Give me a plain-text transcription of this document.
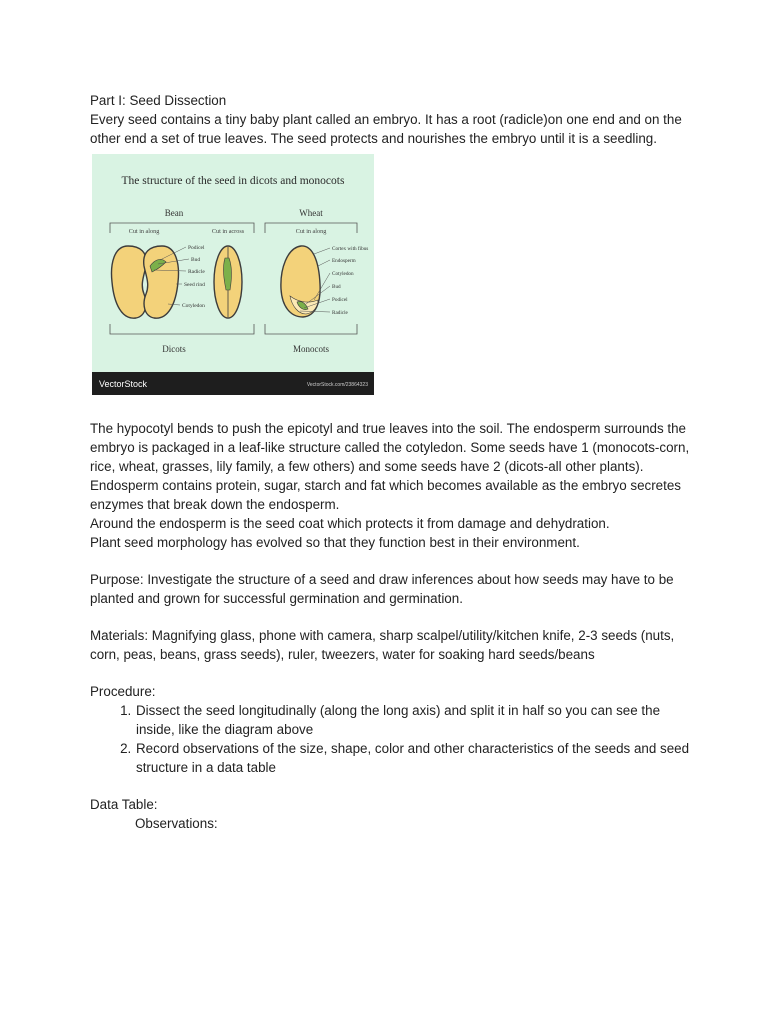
Part I: Seed Dissection

Every seed contains a tiny baby plant called an embryo. It has a root (radicle)on one end and on the other end a set of true leaves. The seed protects and nourishes the embryo until it is a seedling.

The structure of the seed in dicots and monocots
Bean	Wheat
Cut in along	Cut in across	Cut in along
Podicel
Bud
Radicle
Seed rind
Cotyledon
Cortex with fibus
Endosperm
Cotyledon
Bud
Podicel
Radicle
Dicots	Monocots
VectorStock	VectorStock.com/23864323

The hypocotyl bends to push the epicotyl and true leaves into the soil. The endosperm surrounds the embryo is packaged in a leaf-like structure called the cotyledon. Some seeds have 1 (monocots-corn, rice, wheat, grasses, lily family, a few others) and some seeds have 2 (dicots-all other plants). Endosperm contains protein, sugar, starch and fat which becomes available as the embryo secretes enzymes that break down the endosperm.

Around the endosperm is the seed coat which protects it from damage and dehydration.

Plant seed morphology has evolved so that they function best in their environment.

Purpose: Investigate the structure of a seed and draw inferences about how seeds may have to be planted and grown for successful germination and germination.

Materials: Magnifying glass, phone with camera, sharp scalpel/utility/kitchen knife, 2-3 seeds (nuts, corn, peas, beans, grass seeds), ruler, tweezers, water for soaking hard seeds/beans

Procedure:

1. Dissect the seed longitudinally (along the long axis) and split it in half so you can see the inside, like the diagram above
2. Record observations of the size, shape, color and other characteristics of the seeds and seed structure in a data table

Data Table:

Observations:
